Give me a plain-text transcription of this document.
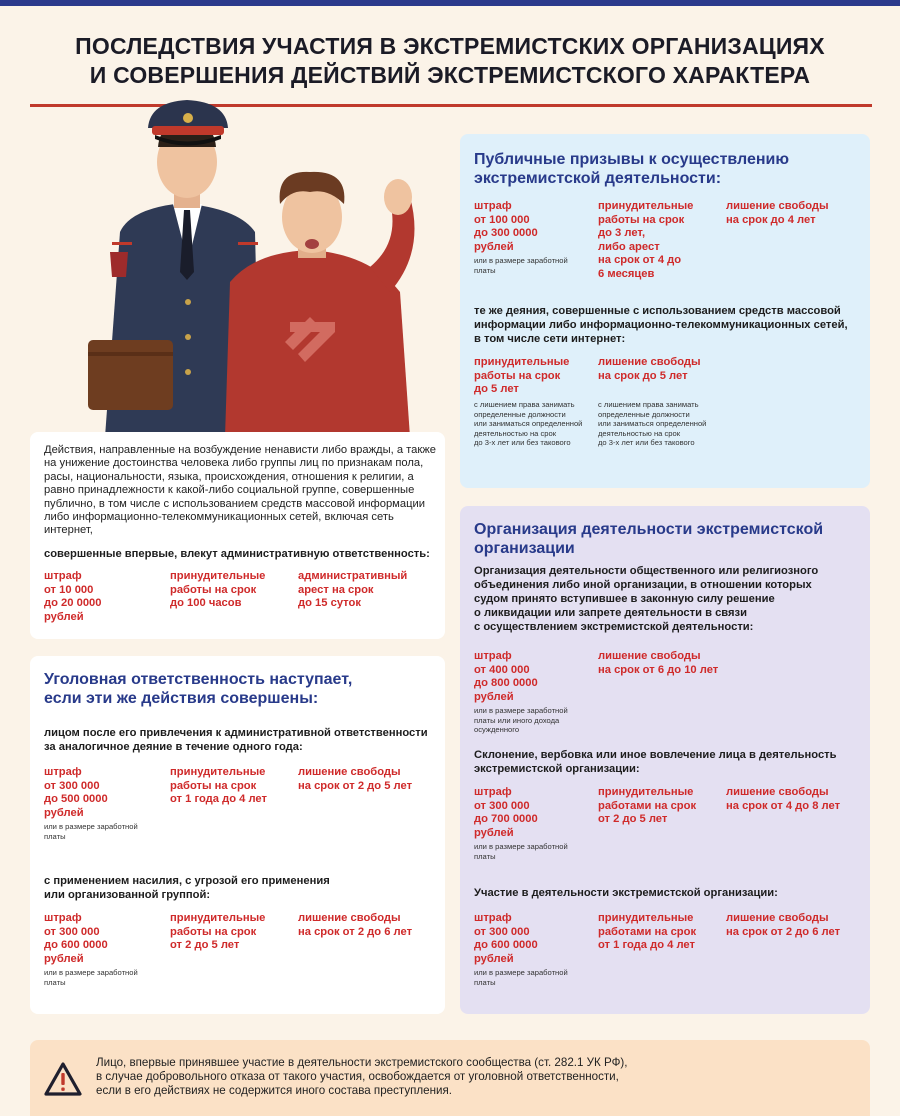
ПОСЛЕДСТВИЯ УЧАСТИЯ В ЭКСТРЕМИСТСКИХ ОРГАНИЗАЦИЯХ
И СОВЕРШЕНИЯ ДЕЙСТВИЙ ЭКСТРЕМИСТСКОГО ХАРАКТЕРА
Действия, направленные на возбуждение ненависти либо вражды, а также на унижение достоинства человека либо группы лиц по признакам пола, расы, национальности, языка, происхождения, отношения к религии, а равно принадлежности к какой-либо социальной группе, совершенные публично, в том числе с использованием средств массовой информации либо информационно-телекоммуникационных сетей, включая сеть интернет,
совершенные впервые, влекут административную ответственность:
штраф
от 10 000
до 20 0000
рублей
принудительные
работы на срок
до 100 часов
административный
арест на срок
до 15 суток
Уголовная ответственность наступает,
если эти же действия совершены:
лицом после его привлечения к административной ответственности
за аналогичное деяние в течение одного года:
штраф
от 300 000
до 500 0000
рублей
или в размере заработной
платы
принудительные
работы на срок
от 1 года до 4 лет
лишение свободы
на срок от 2 до 5 лет
с применением насилия, с угрозой его применения
или организованной группой:
штраф
от 300 000
до 600 0000
рублей
или в размере заработной
платы
принудительные
работы на срок
от 2 до 5 лет
лишение свободы
на срок от 2 до 6 лет
Публичные призывы к осуществлению
экстремистской деятельности:
штраф
от 100 000
до 300 0000
рублей
или в размере заработной
платы
принудительные
работы на срок
до 3 лет,
либо арест
на срок от 4 до
6 месяцев
лишение свободы
на срок до 4 лет
те же деяния, совершенные с использованием средств массовой
информации либо информационно-телекоммуникационных сетей,
в том числе сети интернет:
принудительные
работы на срок
до 5 лет
с лишением права занимать
определенные должности
или заниматься определенной
деятельностью на срок
до 3-х лет или без такового
лишение свободы
на срок до 5 лет
с лишением права занимать
определенные должности
или заниматься определенной
деятельностью на срок
до 3-х лет или без такового
Организация деятельности экстремистской
организации
Организация деятельности общественного или религиозного
объединения либо иной организации, в отношении которых
судом принято вступившее в законную силу решение
о ликвидации или запрете деятельности в связи
с осуществлением экстремистской деятельности:
штраф
от 400 000
до 800 0000
рублей
или в размере заработной
платы или иного дохода
осужденного
лишение свободы
на срок от 6 до 10 лет
Склонение, вербовка или иное вовлечение лица в деятельность
экстремистской организации:
штраф
от 300 000
до 700 0000
рублей
или в размере заработной
платы
принудительные
работами на срок
от 2 до 5 лет
лишение свободы
на срок от 4 до 8 лет
Участие в деятельности экстремистской организации:
штраф
от 300 000
до 600 0000
рублей
или в размере заработной
платы
принудительные
работами на срок
от 1 года до 4 лет
лишение свободы
на срок от 2 до 6 лет
Лицо, впервые принявшее участие в деятельности экстремистского сообщества (ст. 282.1 УК РФ),
в случае добровольного отказа от такого участия, освобождается от уголовной ответственности,
если в его действиях не содержится иного состава преступления.
